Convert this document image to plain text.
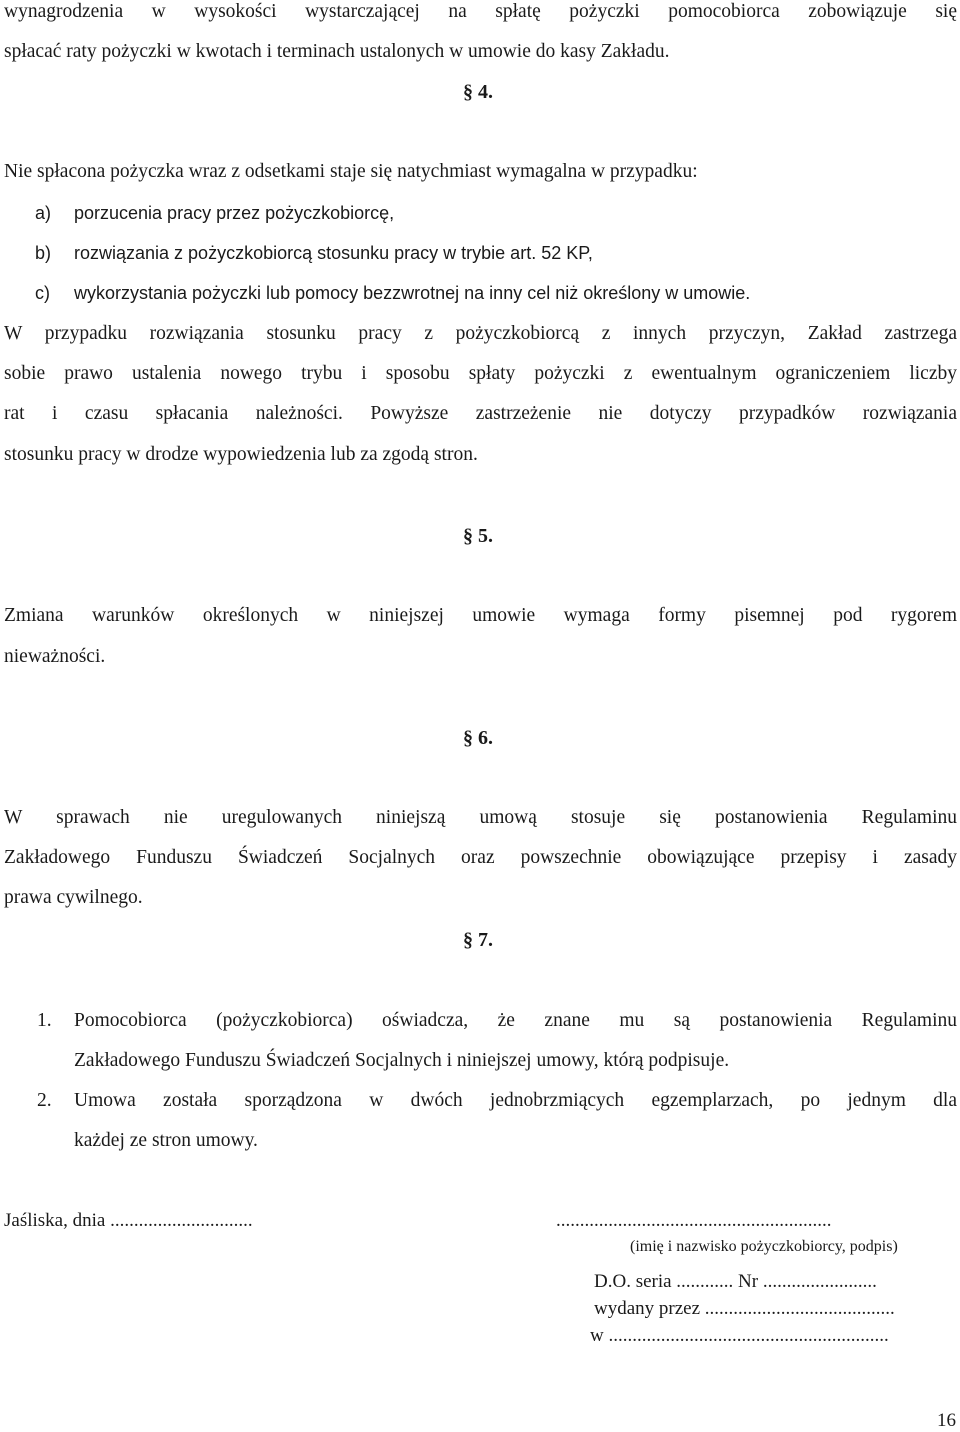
wynagrodzenia w wysokości wystarczającej na spłatę pożyczki pomocobiorca zobowiązuje się

spłacać raty pożyczki w kwotach i terminach ustalonych w umowie do kasy Zakładu.

§ 4.

Nie spłacona pożyczka wraz z odsetkami staje się natychmiast wymagalna w przypadku:

a) porzucenia pracy przez pożyczkobiorcę,
b) rozwiązania z pożyczkobiorcą stosunku pracy w trybie art. 52 KP,
c) wykorzystania pożyczki lub pomocy bezzwrotnej na inny cel niż określony w umowie.

W przypadku rozwiązania stosunku pracy z pożyczkobiorcą z innych przyczyn, Zakład zastrzega

sobie prawo ustalenia nowego trybu i sposobu spłaty pożyczki z ewentualnym ograniczeniem liczby

rat i czasu spłacania należności. Powyższe zastrzeżenie nie dotyczy przypadków rozwiązania

stosunku pracy w drodze wypowiedzenia lub za zgodą stron.

§ 5.

Zmiana warunków określonych w niniejszej umowie wymaga formy pisemnej pod rygorem

nieważności.

§ 6.

W sprawach nie uregulowanych niniejszą umową stosuje się postanowienia Regulaminu

Zakładowego Funduszu Świadczeń Socjalnych oraz powszechnie obowiązujące przepisy i zasady

prawa cywilnego.

§ 7.
1. Pomocobiorca (pożyczkobiorca) oświadcza, że znane mu są postanowienia Regulaminu

Zakładowego Funduszu Świadczeń Socjalnych i niniejszej umowy, którą podpisuje.

2. Umowa została sporządzona w dwóch jednobrzmiących egzemplarzach, po jednym dla

każdej ze stron umowy.

Jaśliska, dnia ..............................	..........................................................
(imię i nazwisko pożyczkobiorcy, podpis)
D.O. seria ............ Nr ........................
wydany przez ........................................
w ...........................................................
16
